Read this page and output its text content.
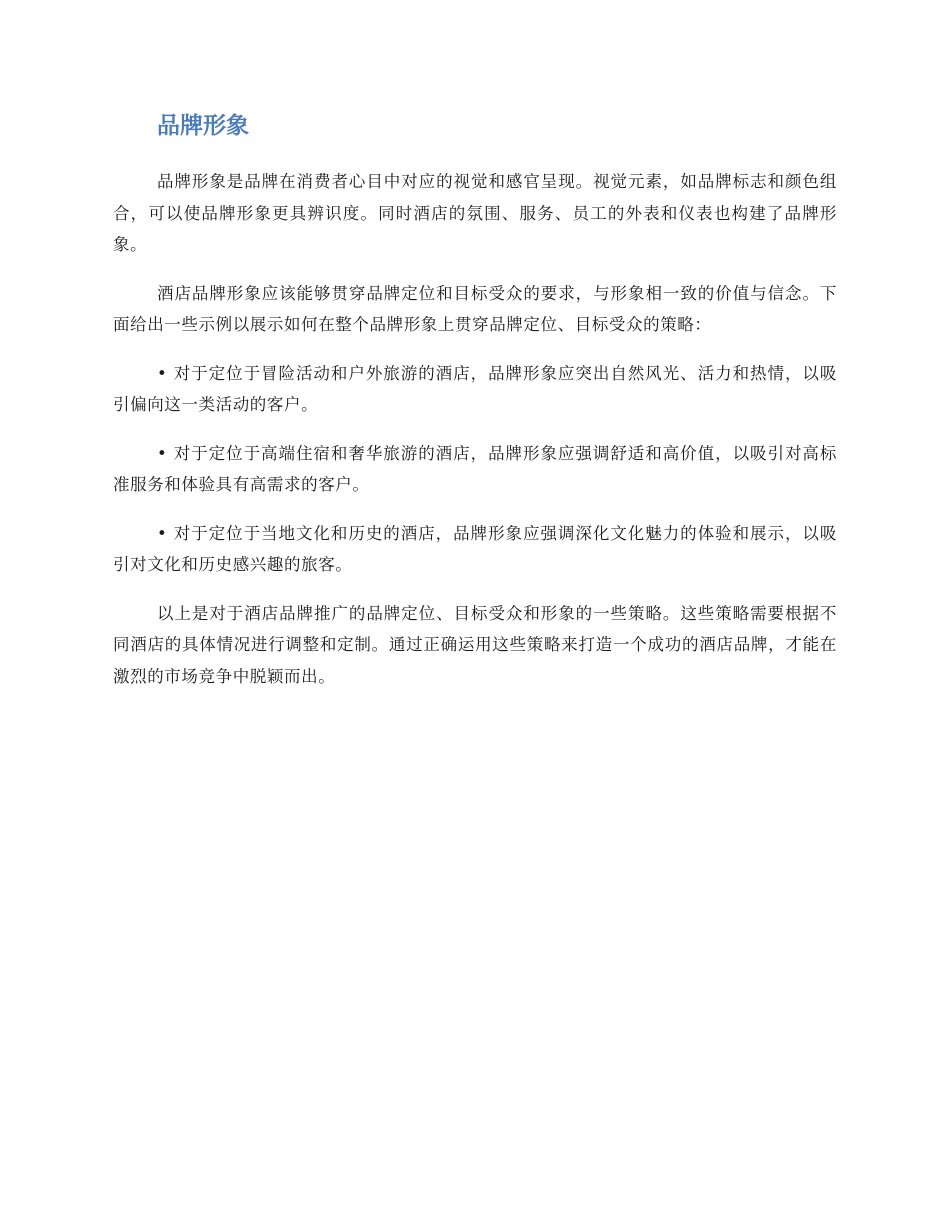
品牌形象

品牌形象是品牌在消费者心目中对应的视觉和感官呈现。视觉元素，如品牌标志和颜色组合，可以使品牌形象更具辨识度。同时酒店的氛围、服务、员工的外表和仪表也构建了品牌形象。

酒店品牌形象应该能够贯穿品牌定位和目标受众的要求，与形象相一致的价值与信念。下面给出一些示例以展示如何在整个品牌形象上贯穿品牌定位、目标受众的策略：

• 对于定位于冒险活动和户外旅游的酒店，品牌形象应突出自然风光、活力和热情，以吸引偏向这一类活动的客户。

• 对于定位于高端住宿和奢华旅游的酒店，品牌形象应强调舒适和高价值，以吸引对高标准服务和体验具有高需求的客户。

• 对于定位于当地文化和历史的酒店，品牌形象应强调深化文化魅力的体验和展示，以吸引对文化和历史感兴趣的旅客。

以上是对于酒店品牌推广的品牌定位、目标受众和形象的一些策略。这些策略需要根据不同酒店的具体情况进行调整和定制。通过正确运用这些策略来打造一个成功的酒店品牌，才能在激烈的市场竞争中脱颖而出。
